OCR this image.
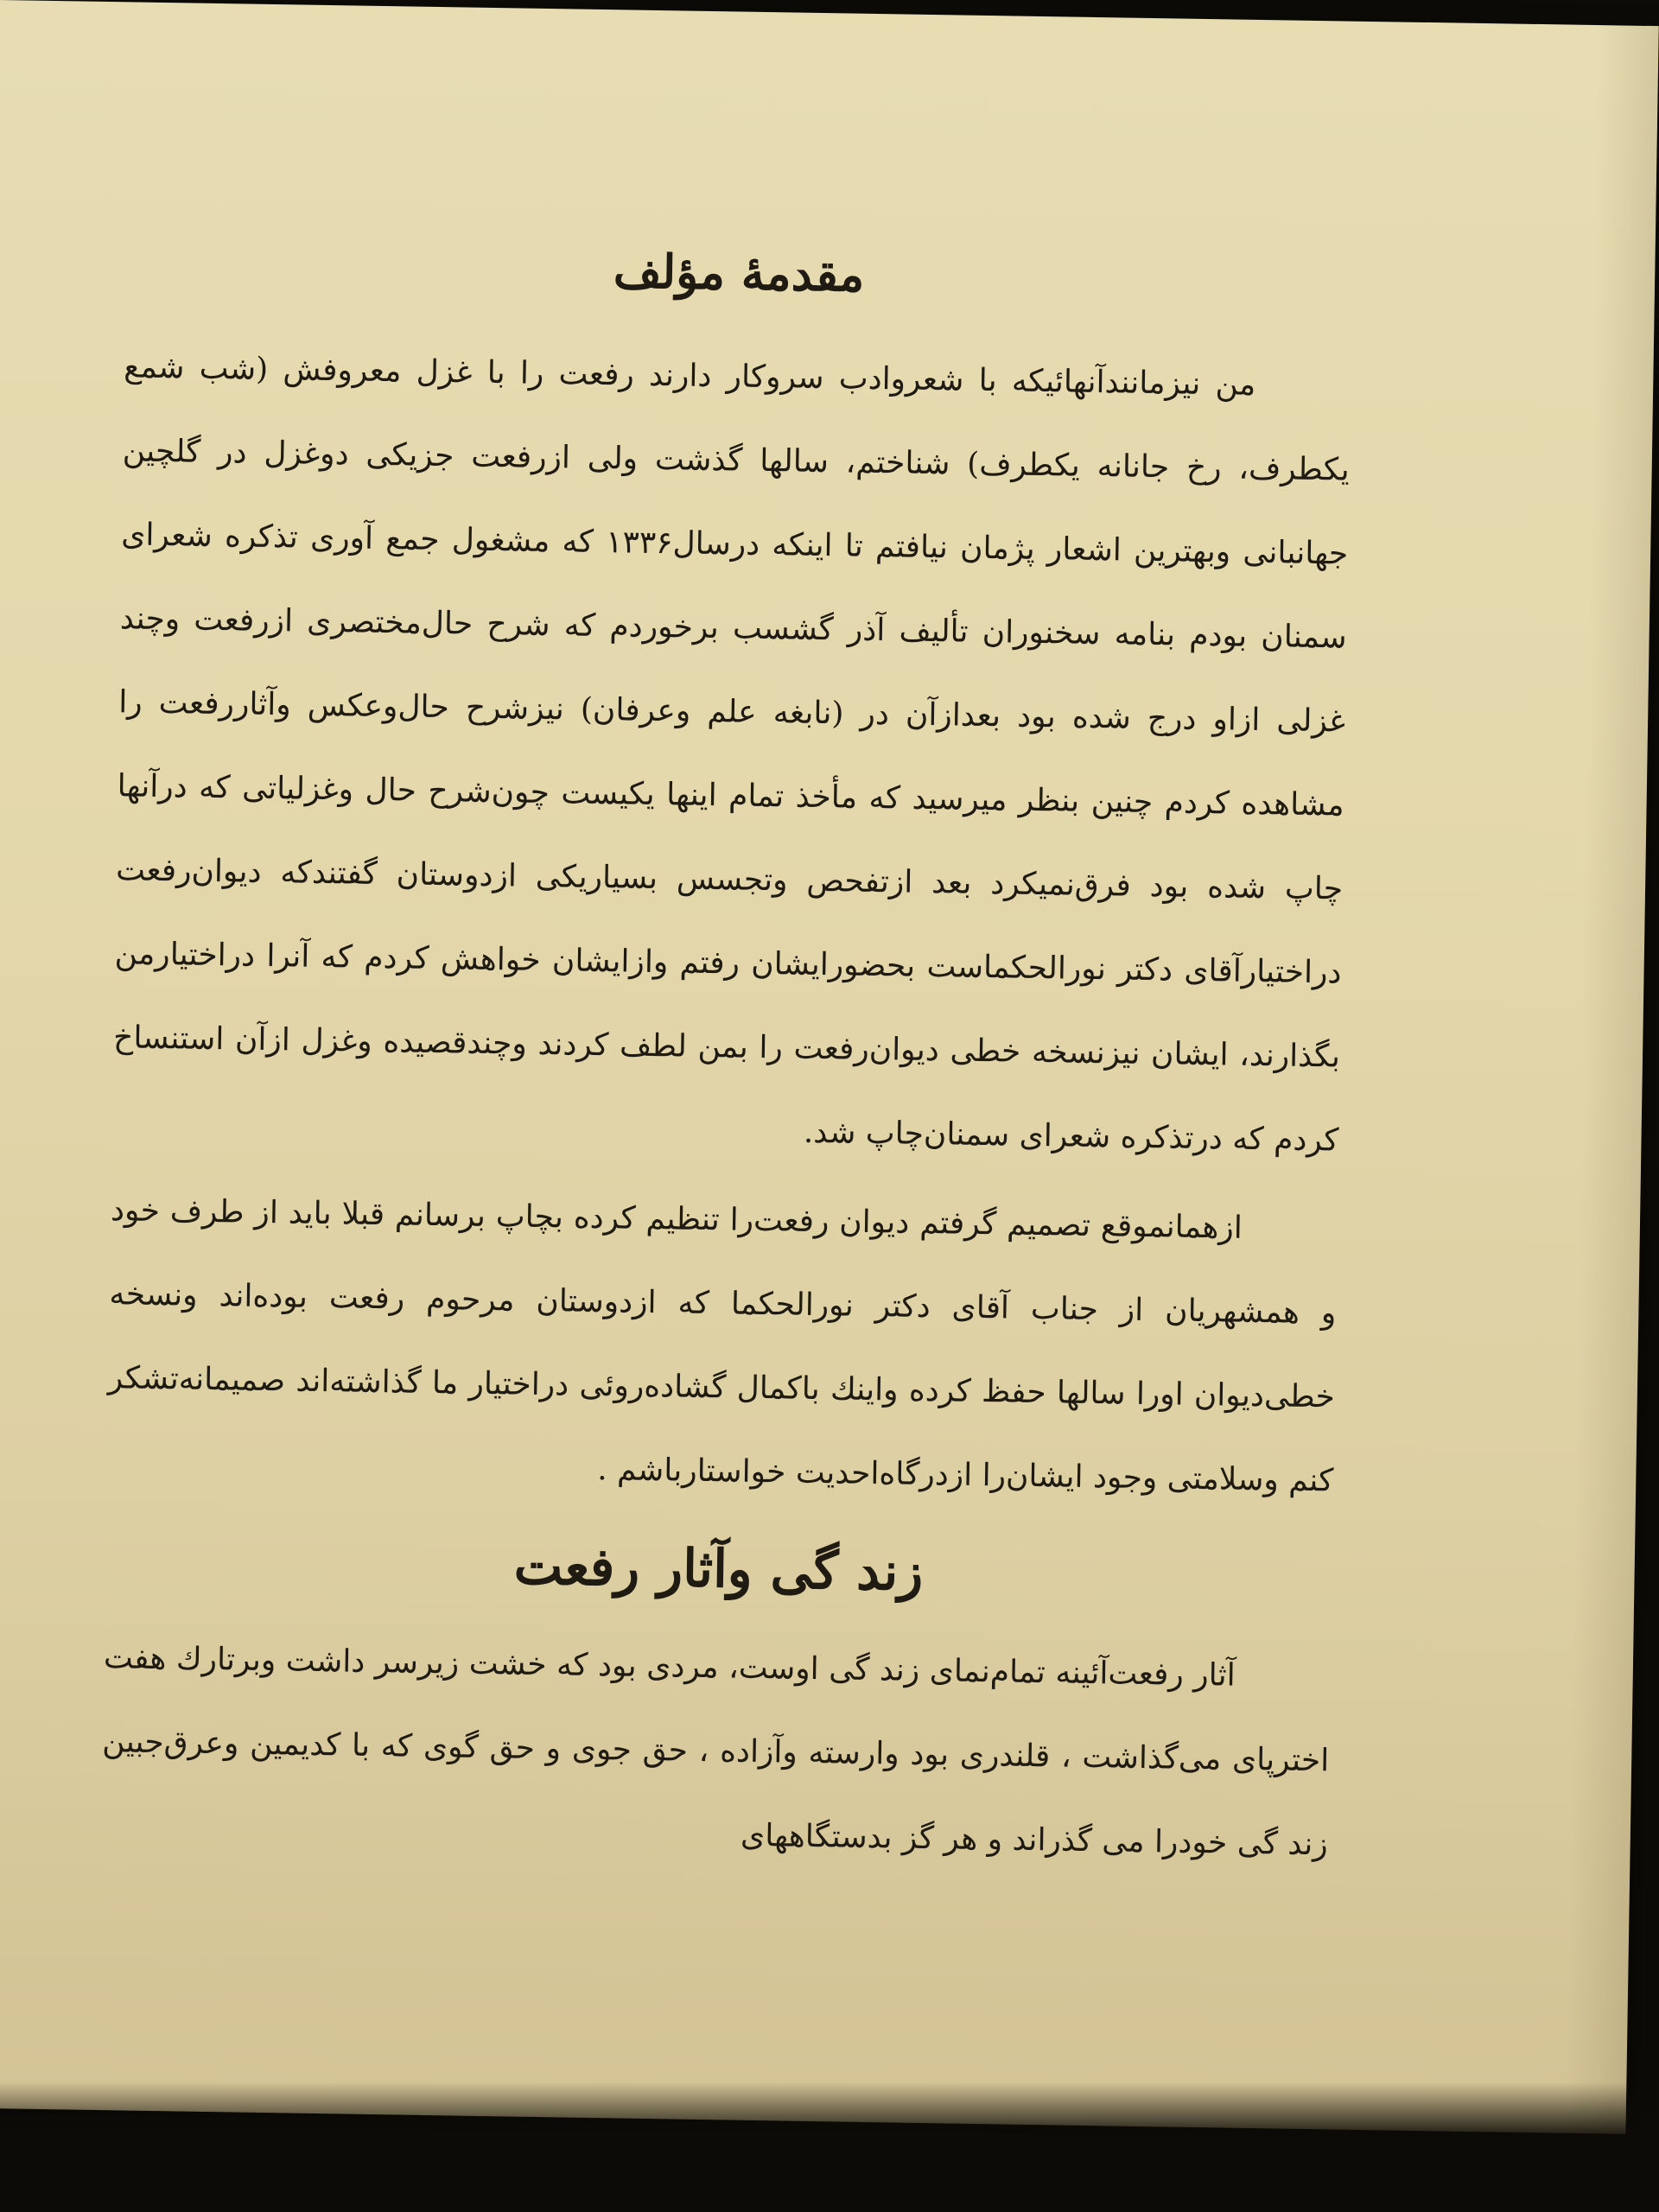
مقدمهٔ مؤلف

من نیزمانندآنهائیکه با شعروادب سروکار دارند رفعت را با غزل معروفش (شب شمع یکطرف، رخ جانانه یکطرف) شناختم، سالها گذشت ولی ازرفعت جزیکی دوغزل در گلچین جهانبانی وبهترین اشعار پژمان نیافتم تا اینکه درسال۱۳۳۶ که مشغول جمع آوری تذکره شعرای سمنان بودم بنامه سخنوران تألیف آذر گشسب برخوردم که شرح حال‌مختصری ازرفعت وچند غزلی ازاو درج شده بود بعدازآن در (نابغه علم وعرفان) نیزشرح حال‌وعکس وآثاررفعت را مشاهده کردم چنین بنظر میرسید که مأخذ تمام اینها یکیست چون‌شرح حال وغزلیاتی که درآنها چاپ شده بود فرق‌نمیکرد بعد ازتفحص وتجسس بسیاریکی ازدوستان گفتندکه دیوان‌رفعت دراختیارآقای دکتر نورالحکماست بحضورایشان رفتم وازایشان خواهش کردم که آنرا دراختیارمن بگذارند، ایشان نیزنسخه خطی دیوان‌رفعت را بمن لطف کردند وچندقصیده وغزل ازآن استنساخ کردم که در‌تذکره شعرای سمنان‌چاپ شد.

ازهمانموقع تصمیم گرفتم دیوان رفعت‌را تنظیم کرده بچاپ برسانم قبلا باید از طرف خود و همشهریان از جناب آقای دکتر نورالحکما که ازدوستان مرحوم رفعت بوده‌اند ونسخه خطی‌دیوان اورا سالها حفظ کرده واینك باکمال گشاده‌روئی دراختیار ما گذاشته‌اند صمیمانه‌تشکر کنم وسلامتی وجود ایشان‌را ازدرگاه‌احدیت خواستارباشم .

زند گی وآثار رفعت

آثار رفعت‌آئینه تمام‌نمای زند گی اوست، مردی بود که خشت زیرسر داشت وبرتارك هفت اخترپای می‌گذاشت ، قلندری بود وارسته وآزاده ، حق جوی و حق گوی که با کدیمین وعرق‌جبین زند گی خودرا می گذراند و هر گز بدستگاههای
